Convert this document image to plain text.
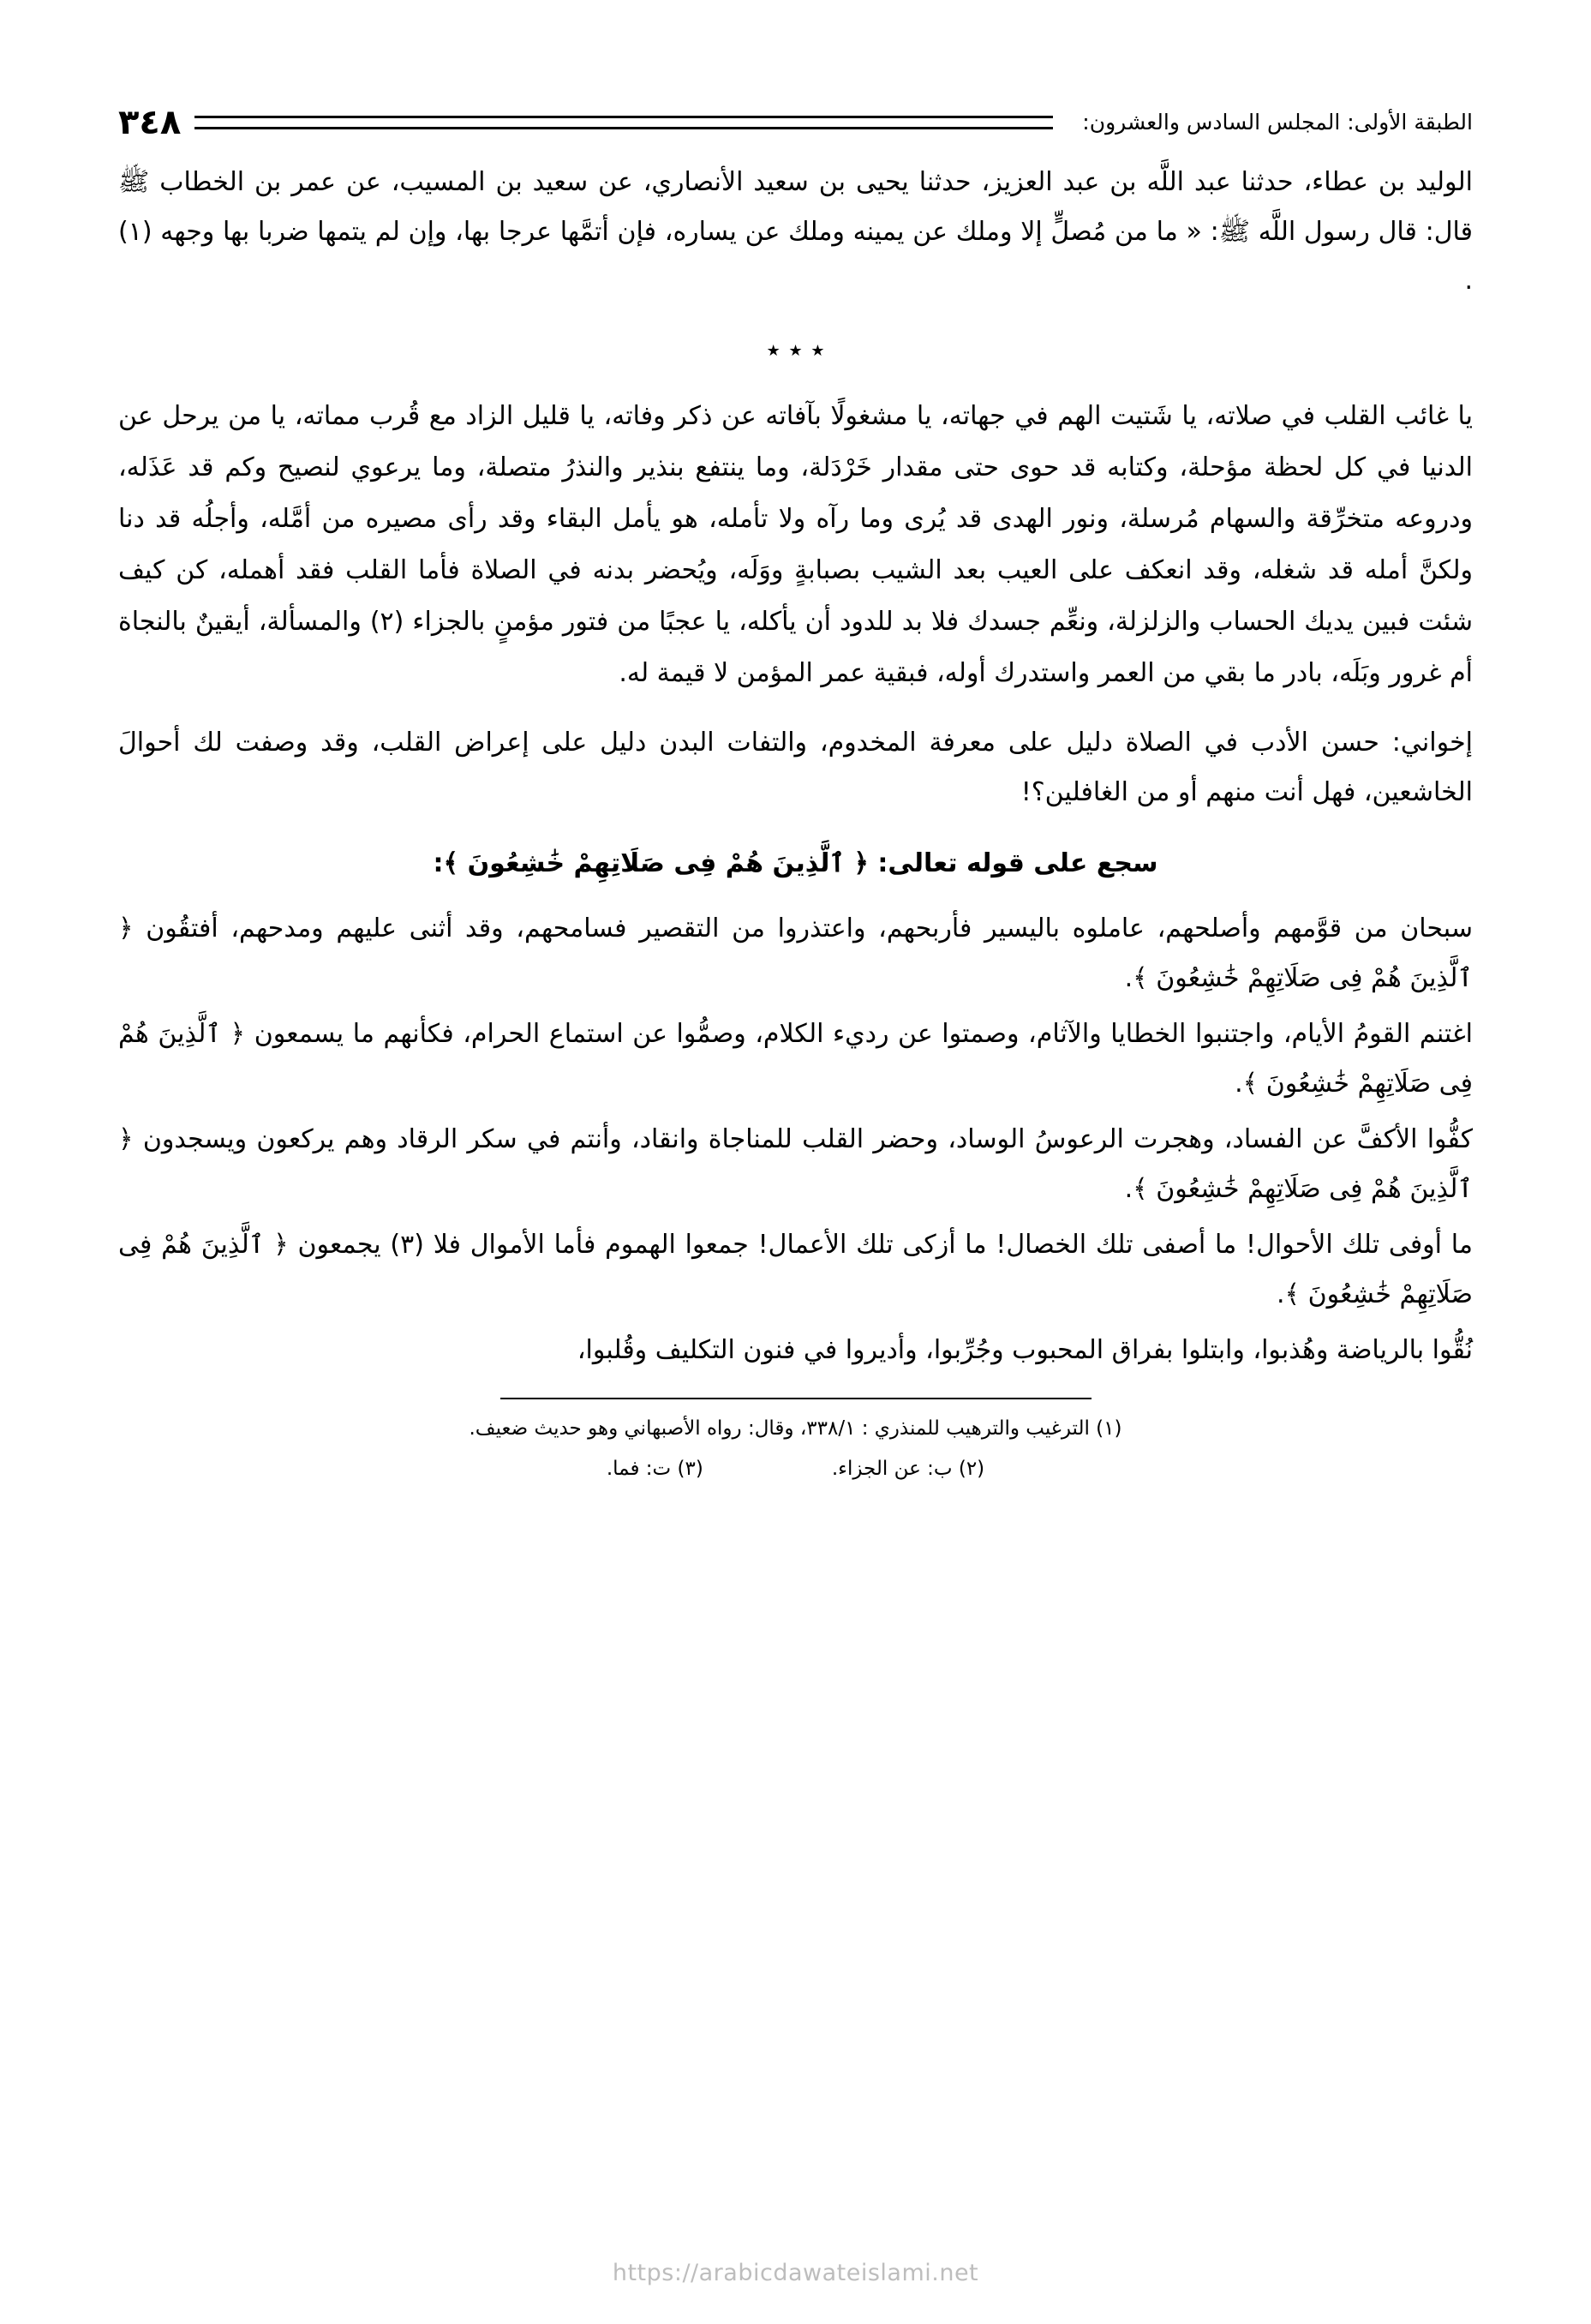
الطبقة الأولى: المجلس السادس والعشرون:
٣٤٨

الوليد بن عطاء، حدثنا عبد اللَّه بن عبد العزيز، حدثنا يحيى بن سعيد الأنصاري، عن سعيد بن المسيب، عن عمر بن الخطاب ﷺ قال: قال رسول اللَّه ﷺ: « ما من مُصلٍّ إلا وملك عن يمينه وملك عن يساره، فإن أتمَّها عرجا بها، وإن لم يتمها ضربا بها وجهه (١) .

٭ ٭ ٭

يا غائب القلب في صلاته، يا شَتيت الهم في جهاته، يا مشغولًا بآفاته عن ذكر وفاته، يا قليل الزاد مع قُرب مماته، يا من يرحل عن الدنيا في كل لحظة مؤحلة، وكتابه قد حوى حتى مقدار خَرْدَلة، وما ينتفع بنذير والنذرُ متصلة، وما يرعوي لنصيح وكم قد عَذَله، ودروعه متخرِّقة والسهام مُرسلة، ونور الهدى قد يُرى وما رآه ولا تأمله، هو يأمل البقاء وقد رأى مصيره من أمَّله، وأجلُه قد دنا ولكنَّ أمله قد شغله، وقد انعكف على العيب بعد الشيب بصبابةٍ ووَلَه، ويُحضر بدنه في الصلاة فأما القلب فقد أهمله، كن كيف شئت فبين يديك الحساب والزلزلة، ونعِّم جسدك فلا بد للدود أن يأكله، يا عجبًا من فتور مؤمنٍ بالجزاء (٢) والمسألة، أيقينٌ بالنجاة أم غرور وبَلَه، بادر ما بقي من العمر واستدرك أوله، فبقية عمر المؤمن لا قيمة له.

إخواني: حسن الأدب في الصلاة دليل على معرفة المخدوم، والتفات البدن دليل على إعراض القلب، وقد وصفت لك أحوالَ الخاشعين، فهل أنت منهم أو من الغافلين؟!

سجع على قوله تعالى: ﴿ ٱلَّذِينَ هُمْ فِى صَلَاتِهِمْ خَٰشِعُونَ ﴾:

سبحان من قوَّمهم وأصلحهم، عاملوه باليسير فأربحهم، واعتذروا من التقصير فسامحهم، وقد أثنى عليهم ومدحهم، أفتقُون ﴿ ٱلَّذِينَ هُمْ فِى صَلَاتِهِمْ خَٰشِعُونَ ﴾.

اغتنم القومُ الأيام، واجتنبوا الخطايا والآثام، وصمتوا عن رديء الكلام، وصمُّوا عن استماع الحرام، فكأنهم ما يسمعون ﴿ ٱلَّذِينَ هُمْ فِى صَلَاتِهِمْ خَٰشِعُونَ ﴾.

كفُّوا الأكفَّ عن الفساد، وهجرت الرعوسُ الوساد، وحضر القلب للمناجاة وانقاد، وأنتم في سكر الرقاد وهم يركعون ويسجدون ﴿ ٱلَّذِينَ هُمْ فِى صَلَاتِهِمْ خَٰشِعُونَ ﴾.

ما أوفى تلك الأحوال! ما أصفى تلك الخصال! ما أزكى تلك الأعمال! جمعوا الهموم فأما الأموال فلا (٣) يجمعون ﴿ ٱلَّذِينَ هُمْ فِى صَلَاتِهِمْ خَٰشِعُونَ ﴾.

نُقُّوا بالرياضة وهُذبوا، وابتلوا بفراق المحبوب وجُرِّبوا، وأديروا في فنون التكليف وقُلبوا،

(١) الترغيب والترهيب للمنذري : ٣٣٨/١، وقال: رواه الأصبهاني وهو حديث ضعيف.
(٢) ب: عن الجزاء.
(٣) ت: فما.
https://arabicdawateislami.net
